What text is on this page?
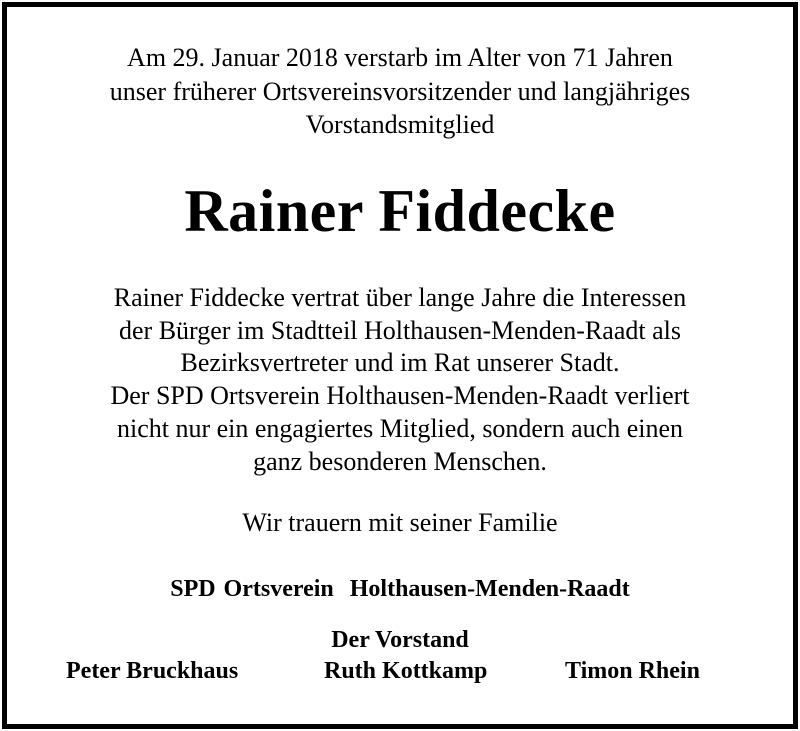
Am 29. Januar 2018 verstarb im Alter von 71 Jahren
unser früherer Ortsvereinsvorsitzender und langjähriges
Vorstandsmitglied
Rainer Fiddecke
Rainer Fiddecke vertrat über lange Jahre die Interessen
der Bürger im Stadtteil Holthausen-Menden-Raadt als
Bezirksvertreter und im Rat unserer Stadt.
Der SPD Ortsverein Holthausen-Menden-Raadt verliert
nicht nur ein engagiertes Mitglied, sondern auch einen
ganz besonderen Menschen.
Wir trauern mit seiner Familie
SPD Ortsverein  Holthausen-Menden-Raadt
Der Vorstand
Peter Bruckhaus	Ruth Kottkamp	Timon Rhein
